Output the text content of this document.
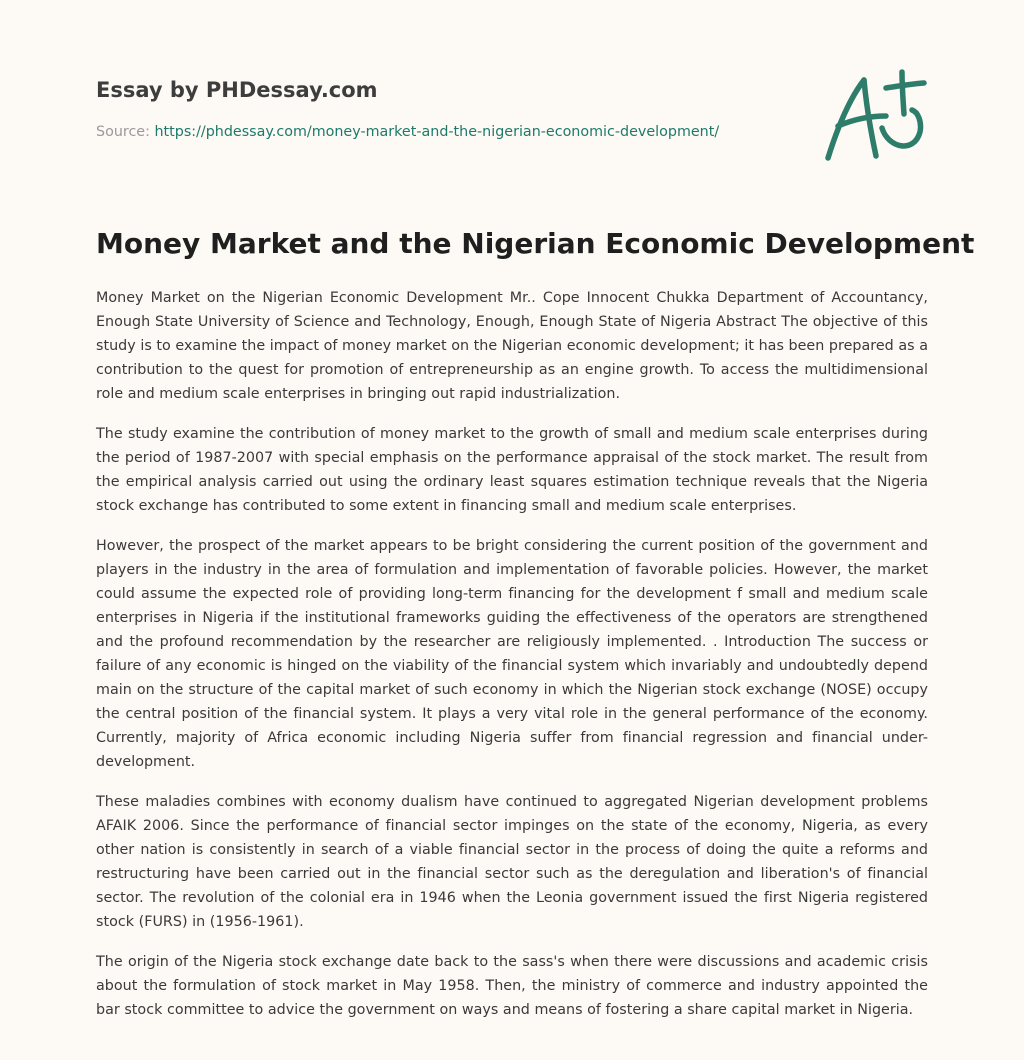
Essay by PHDessay.com
Source: https://phdessay.com/money-market-and-the-nigerian-economic-development/
Money Market and the Nigerian Economic Development

Money Market on the Nigerian Economic Development Mr.. Cope Innocent Chukka Department of Accountancy, Enough State University of Science and Technology, Enough, Enough State of Nigeria Abstract The objective of this study is to examine the impact of money market on the Nigerian economic development; it has been prepared as a contribution to the quest for promotion of entrepreneurship as an engine growth. To access the multidimensional role and medium scale enterprises in bringing out rapid industrialization.

The study examine the contribution of money market to the growth of small and medium scale enterprises during the period of 1987-2007 with special emphasis on the performance appraisal of the stock market. The result from the empirical analysis carried out using the ordinary least squares estimation technique reveals that the Nigeria stock exchange has contributed to some extent in financing small and medium scale enterprises.

However, the prospect of the market appears to be bright considering the current position of the government and players in the industry in the area of formulation and implementation of favorable policies. However, the market could assume the expected role of providing long-term financing for the development f small and medium scale enterprises in Nigeria if the institutional frameworks guiding the effectiveness of the operators are strengthened and the profound recommendation by the researcher are religiously implemented. . Introduction The success or failure of any economic is hinged on the viability of the financial system which invariably and undoubtedly depend main on the structure of the capital market of such economy in which the Nigerian stock exchange (NOSE) occupy the central position of the financial system. It plays a very vital role in the general performance of the economy. Currently, majority of Africa economic including Nigeria suffer from financial regression and financial under-development.

These maladies combines with economy dualism have continued to aggregated Nigerian development problems AFAIK 2006. Since the performance of financial sector impinges on the state of the economy, Nigeria, as every other nation is consistently in search of a viable financial sector in the process of doing the quite a reforms and restructuring have been carried out in the financial sector such as the deregulation and liberation's of financial sector. The revolution of the colonial era in 1946 when the Leonia government issued the first Nigeria registered stock (FURS) in (1956-1961).

The origin of the Nigeria stock exchange date back to the sass's when there were discussions and academic crisis about the formulation of stock market in May 1958. Then, the ministry of commerce and industry appointed the bar stock committee to advice the government on ways and means of fostering a share capital market in Nigeria.
